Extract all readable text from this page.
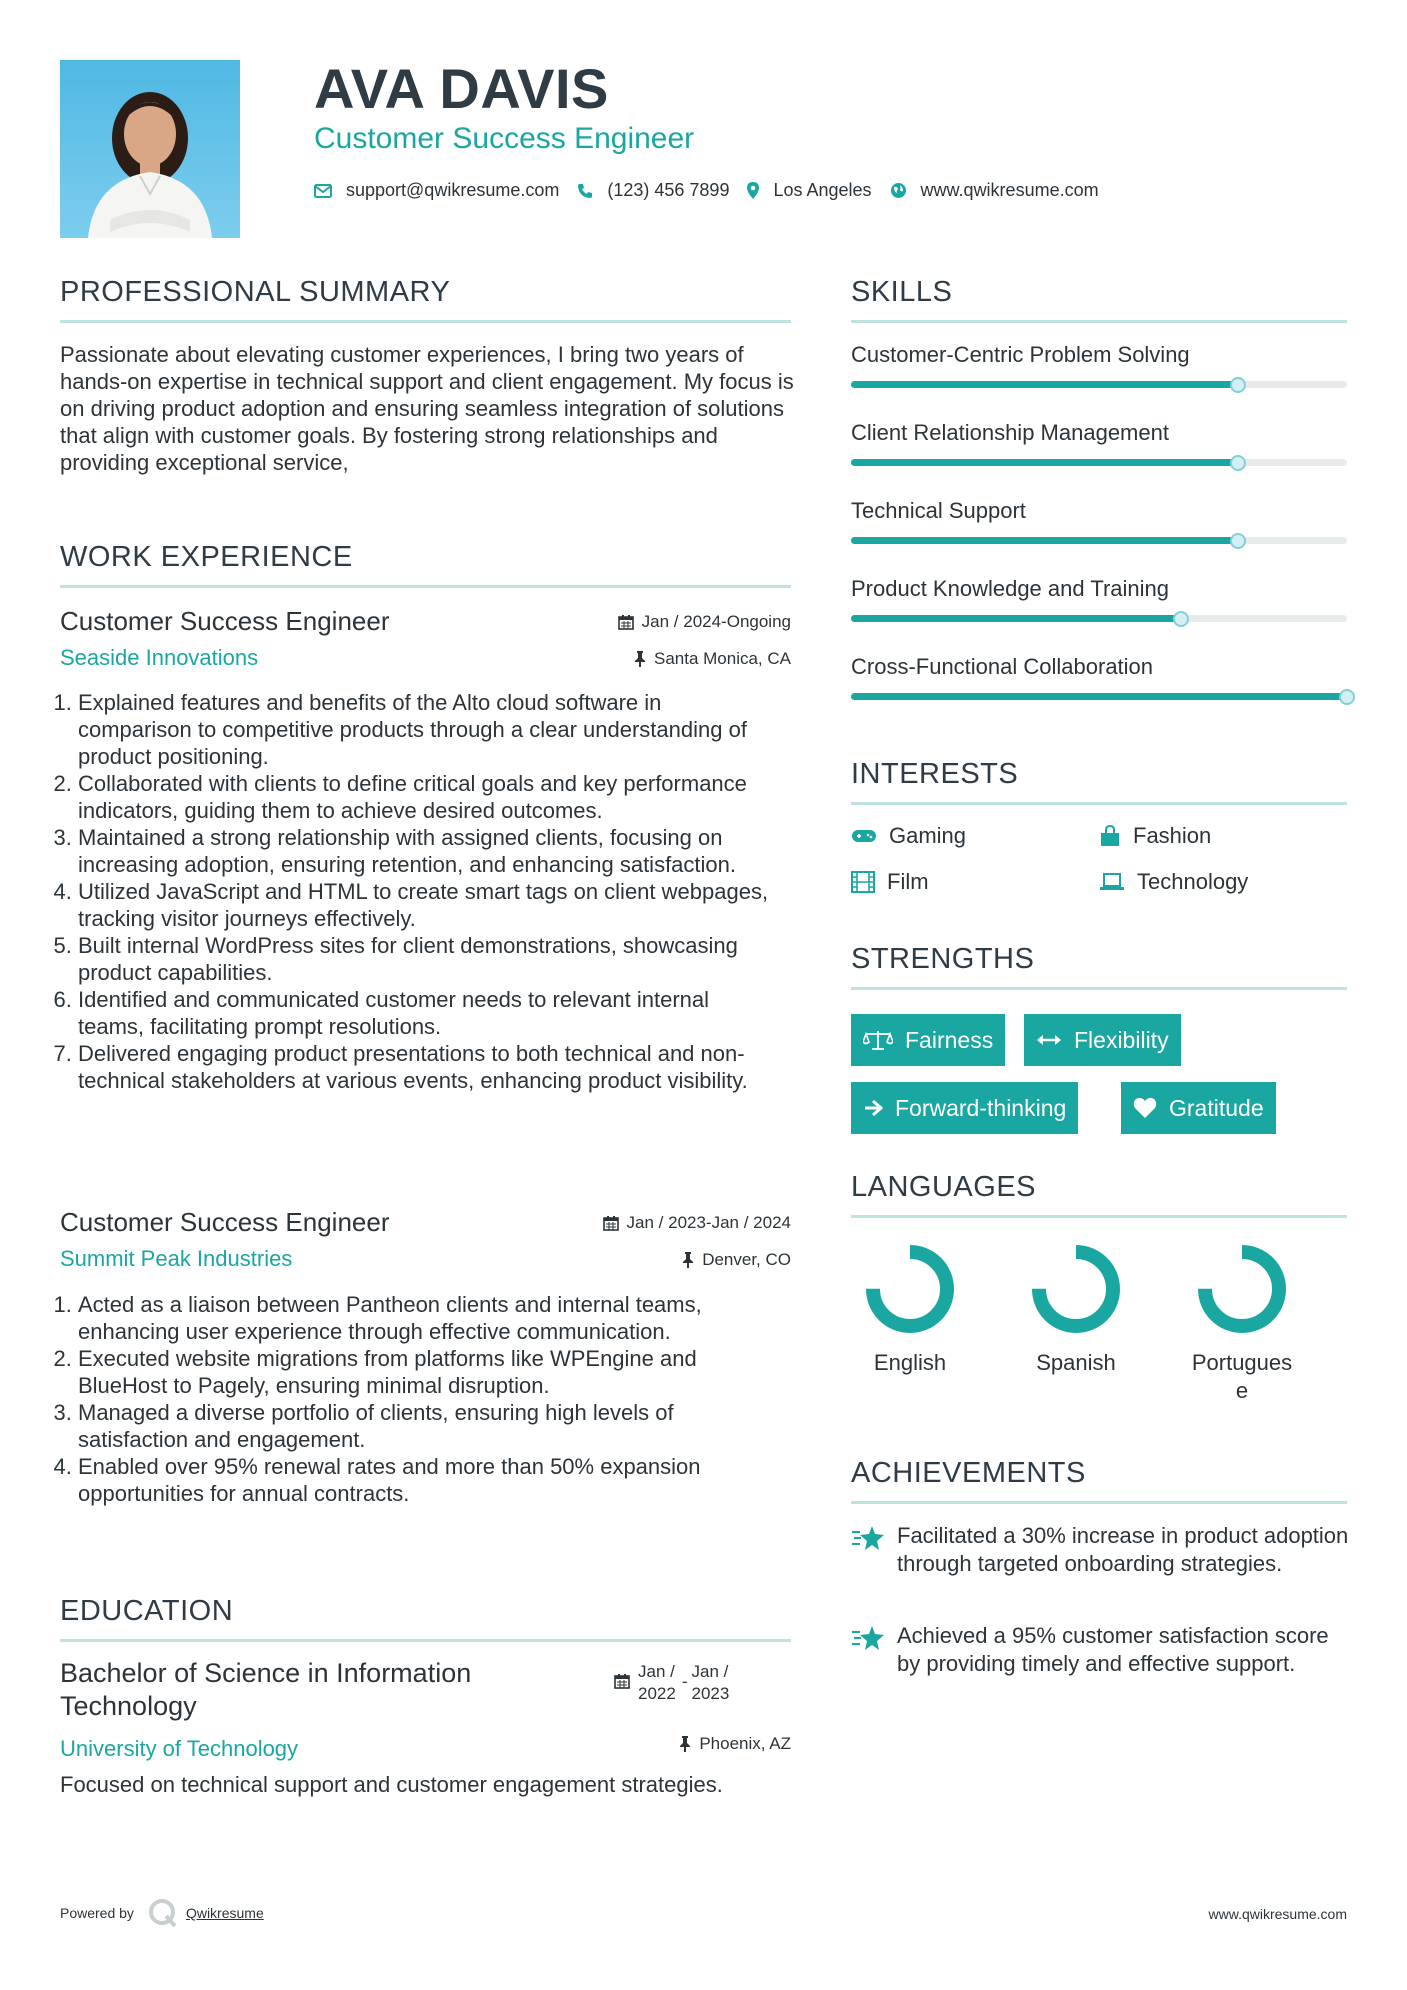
AVA DAVIS
Customer Success Engineer
support@qwikresume.com	(123) 456 7899 Los Angeles	www.qwikresume.com
PROFESSIONAL SUMMARY
Passionate about elevating customer experiences, I bring two years of hands-on expertise in technical support and client engagement. My focus is on driving product adoption and ensuring seamless integration of solutions that align with customer goals. By fostering strong relationships and providing exceptional service,
WORK EXPERIENCE
Customer Success Engineer	Jan / 2024-Ongoing
Seaside Innovations	Santa Monica, CA
1. Explained features and benefits of the Alto cloud software in comparison to competitive products through a clear understanding of product positioning.
2. Collaborated with clients to define critical goals and key performance indicators, guiding them to achieve desired outcomes.
3. Maintained a strong relationship with assigned clients, focusing on increasing adoption, ensuring retention, and enhancing satisfaction.
4. Utilized JavaScript and HTML to create smart tags on client webpages, tracking visitor journeys effectively.
5. Built internal WordPress sites for client demonstrations, showcasing product capabilities.
6. Identified and communicated customer needs to relevant internal teams, facilitating prompt resolutions.
7. Delivered engaging product presentations to both technical and non-technical stakeholders at various events, enhancing product visibility.
Customer Success Engineer	Jan / 2023-Jan / 2024
Summit Peak Industries	Denver, CO
1. Acted as a liaison between Pantheon clients and internal teams, enhancing user experience through effective communication.
2. Executed website migrations from platforms like WPEngine and BlueHost to Pagely, ensuring minimal disruption.
3. Managed a diverse portfolio of clients, ensuring high levels of satisfaction and engagement.
4. Enabled over 95% renewal rates and more than 50% expansion opportunities for annual contracts.
EDUCATION
Bachelor of Science in Information Technology
Jan /
2022
-
Jan /
2023
University of Technology	Phoenix, AZ
Focused on technical support and customer engagement strategies.
SKILLS
Customer-Centric Problem Solving
Client Relationship Management
Technical Support
Product Knowledge and Training
Cross-Functional Collaboration
INTERESTS
Gaming	Fashion
Film	Technology
STRENGTHS
Fairness	Flexibility
Forward-thinking	Gratitude
LANGUAGES
English	Spanish	Portugues
e
ACHIEVEMENTS
Facilitated a 30% increase in product adoption through targeted onboarding strategies.
Achieved a 95% customer satisfaction score by providing timely and effective support.
Powered by	Qwikresume	www.qwikresume.com
